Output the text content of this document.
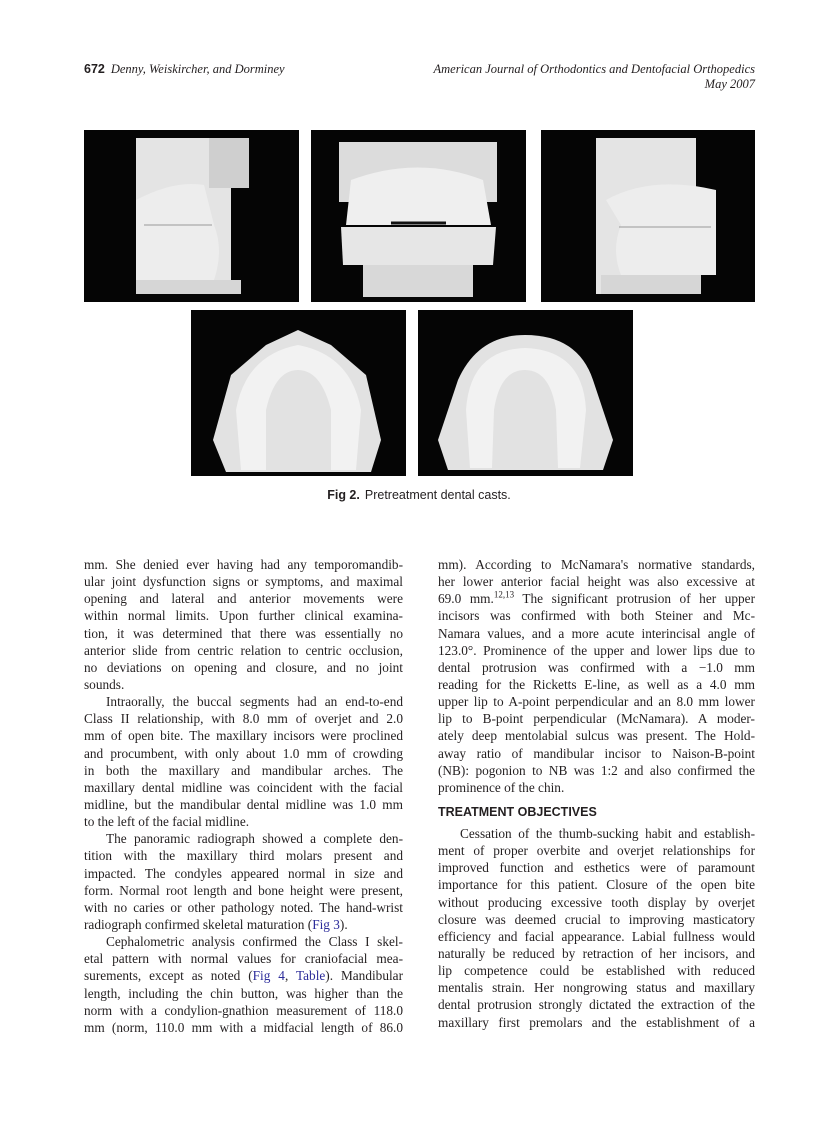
672 Denny, Weiskircher, and Dorminey	American Journal of Orthodontics and Dentofacial Orthopedics
May 2007
Fig 2. Pretreatment dental casts.
mm. She denied ever having had any temporomandib-
ular joint dysfunction signs or symptoms, and maximal
opening and lateral and anterior movements were
within normal limits. Upon further clinical examina-
tion, it was determined that there was essentially no
anterior slide from centric relation to centric occlusion,
no deviations on opening and closure, and no joint
sounds.
Intraorally, the buccal segments had an end-to-end
Class II relationship, with 8.0 mm of overjet and 2.0
mm of open bite. The maxillary incisors were proclined
and procumbent, with only about 1.0 mm of crowding
in both the maxillary and mandibular arches. The
maxillary dental midline was coincident with the facial
midline, but the mandibular dental midline was 1.0 mm
to the left of the facial midline.
The panoramic radiograph showed a complete den-
tition with the maxillary third molars present and
impacted. The condyles appeared normal in size and
form. Normal root length and bone height were present,
with no caries or other pathology noted. The hand-wrist
radiograph confirmed skeletal maturation (Fig 3).
Cephalometric analysis confirmed the Class I skel-
etal pattern with normal values for craniofacial mea-
surements, except as noted (Fig 4, Table). Mandibular
length, including the chin button, was higher than the
norm with a condylion-gnathion measurement of 118.0
mm (norm, 110.0 mm with a midfacial length of 86.0
mm). According to McNamara's normative standards,
her lower anterior facial height was also excessive at
69.0 mm.$^{12,13}$ The significant protrusion of her upper
incisors was confirmed with both Steiner and Mc-
Namara values, and a more acute interincisal angle of
123.0°. Prominence of the upper and lower lips due to
dental protrusion was confirmed with a −1.0 mm
reading for the Ricketts E-line, as well as a 4.0 mm
upper lip to A-point perpendicular and an 8.0 mm lower
lip to B-point perpendicular (McNamara). A moder-
ately deep mentolabial sulcus was present. The Hold-
away ratio of mandibular incisor to Naison-B-point
(NB): pogonion to NB was 1:2 and also confirmed the
prominence of the chin.
TREATMENT OBJECTIVES
Cessation of the thumb-sucking habit and establish-
ment of proper overbite and overjet relationships for
improved function and esthetics were of paramount
importance for this patient. Closure of the open bite
without producing excessive tooth display by overjet
closure was deemed crucial to improving masticatory
efficiency and facial appearance. Labial fullness would
naturally be reduced by retraction of her incisors, and
lip competence could be established with reduced
mentalis strain. Her nongrowing status and maxillary
dental protrusion strongly dictated the extraction of the
maxillary first premolars and the establishment of a
